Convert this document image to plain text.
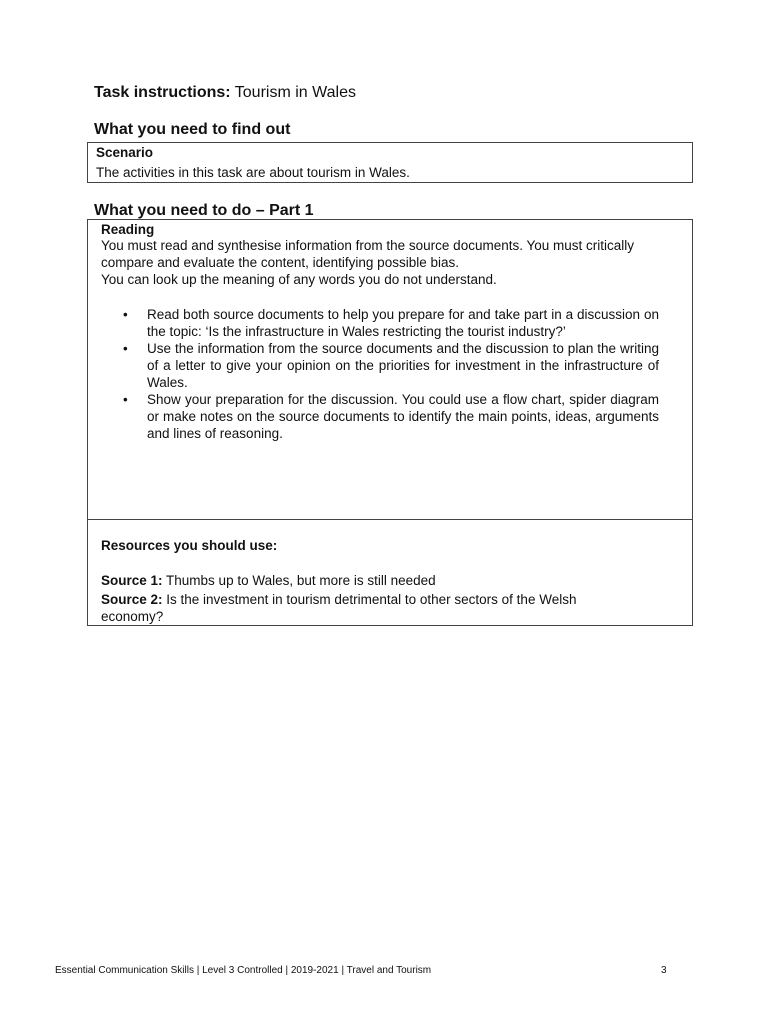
Task instructions: Tourism in Wales
What you need to find out
Scenario
The activities in this task are about tourism in Wales.
What you need to do – Part 1
Reading

You must read and synthesise information from the source documents. You must critically compare and evaluate the content, identifying possible bias.

You can look up the meaning of any words you do not understand.

• Read both source documents to help you prepare for and take part in a discussion on the topic: ‘Is the infrastructure in Wales restricting the tourist industry?’
• Use the information from the source documents and the discussion to plan the writing of a letter to give your opinion on the priorities for investment in the infrastructure of Wales.
• Show your preparation for the discussion. You could use a flow chart, spider diagram or make notes on the source documents to identify the main points, ideas, arguments and lines of reasoning.
Resources you should use:
Source 1: Thumbs up to Wales, but more is still needed
Source 2: Is the investment in tourism detrimental to other sectors of the Welsh economy?
Essential Communication Skills | Level 3 Controlled | 2019-2021 | Travel and Tourism	3
